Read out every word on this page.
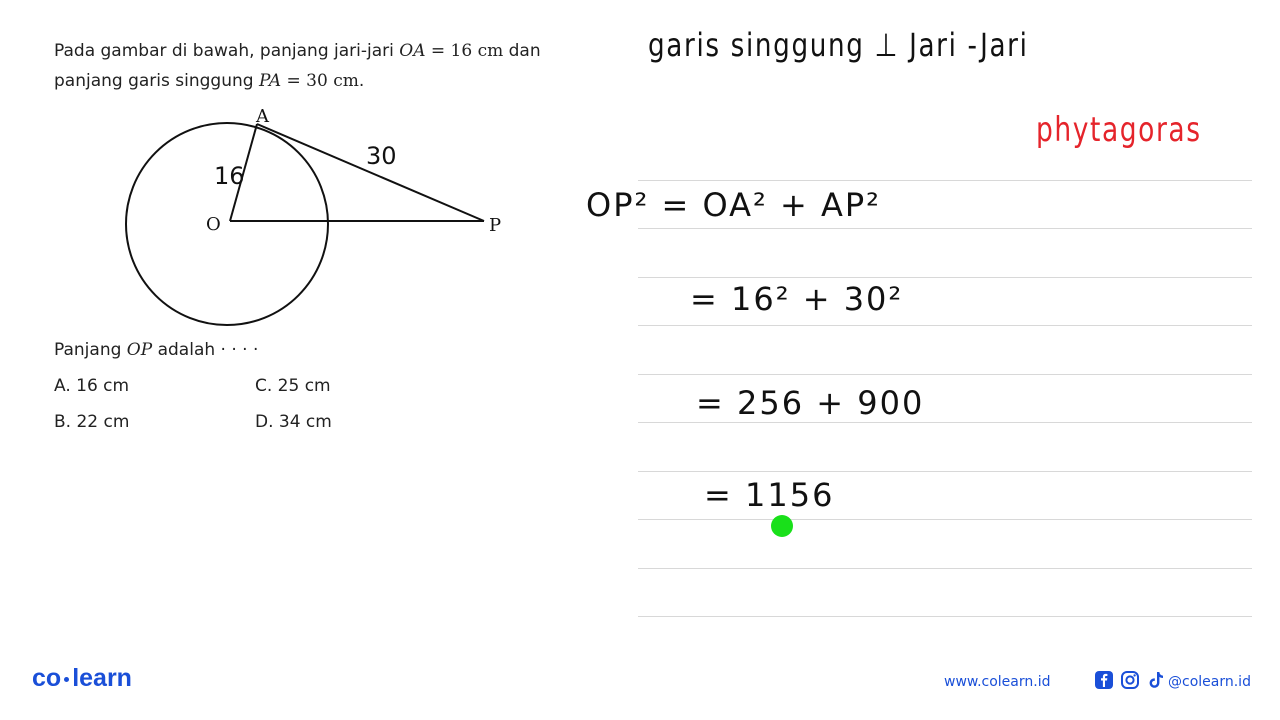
Pada gambar di bawah, panjang jari-jari OA = 16 cm dan
panjang garis singgung PA = 30 cm.
A
O	P
16
30
Panjang OP adalah · · · ·
A. 16 cm	C. 25 cm
B. 22 cm	D. 34 cm
garis singgung ⊥ Jari -Jari
phytagoras
OP² = OA² + AP²
= 16² + 30²
= 256 + 900
= 1156
co learn	www.colearn.id	@colearn.id
